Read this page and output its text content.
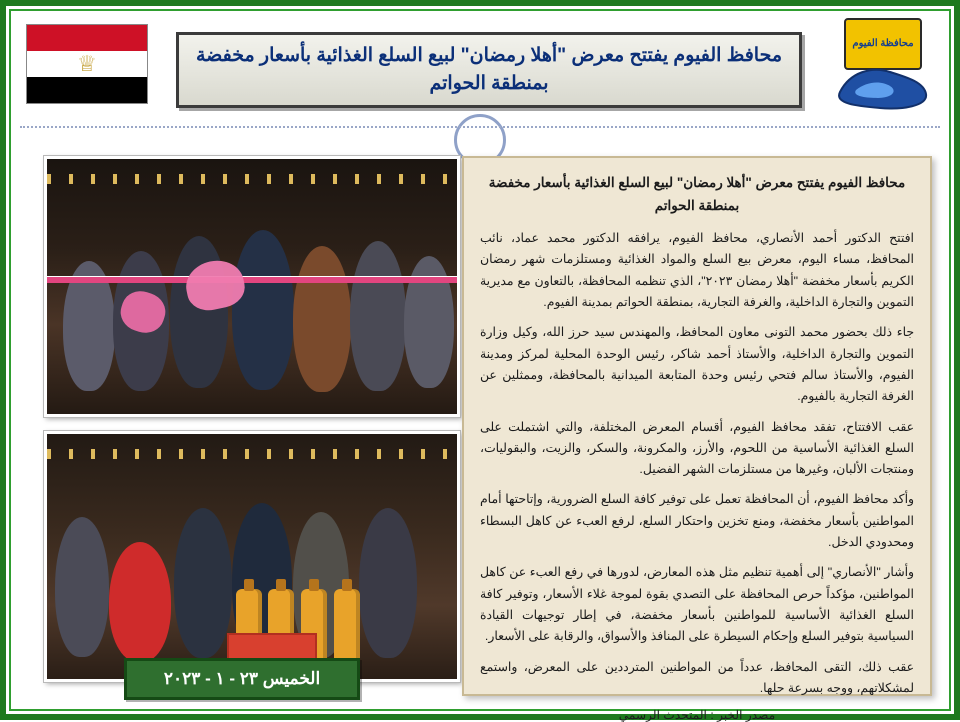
♕	محافظ الفيوم يفتتح معرض "أهلا رمضان" لبيع السلع الغذائية بأسعار مخفضة بمنطقة الحواتم
محافظة الفيوم
الخميس ٢٣ - ١ - ٢٠٢٣
محافظ الفيوم يفتتح معرض "أهلا رمضان" لبيع السلع الغذائية بأسعار مخفضة بمنطقة الحواتم

افتتح الدكتور أحمد الأنصاري، محافظ الفيوم، يرافقه الدكتور محمد عماد، نائب المحافظ، مساء اليوم، معرض بيع السلع والمواد الغذائية ومستلزمات شهر رمضان الكريم بأسعار مخفضة "أهلا رمضان ٢٠٢٣"، الذي تنظمه المحافظة، بالتعاون مع مديرية التموين والتجارة الداخلية، والغرفة التجارية، بمنطقة الحواتم بمدينة الفيوم.

جاء ذلك بحضور محمد التونى معاون المحافظ، والمهندس سيد حرز الله، وكيل وزارة التموين والتجارة الداخلية، والأستاذ أحمد شاكر، رئيس الوحدة المحلية لمركز ومدينة الفيوم، والأستاذ سالم فتحي رئيس وحدة المتابعة الميدانية بالمحافظة، وممثلين عن الغرفة التجارية بالفيوم.

عقب الافتتاح، تفقد محافظ الفيوم، أقسام المعرض المختلفة، والتي اشتملت على السلع الغذائية الأساسية من اللحوم، والأرز، والمكرونة، والسكر، والزيت، والبقوليات، ومنتجات الألبان، وغيرها من مستلزمات الشهر الفضيل.

وأكد محافظ الفيوم، أن المحافظة تعمل على توفير كافة السلع الضرورية، وإتاحتها أمام المواطنين بأسعار مخفضة، ومنع تخزين واحتكار السلع، لرفع العبء عن كاهل البسطاء ومحدودي الدخل.

وأشار "الأنصاري" إلى أهمية تنظيم مثل هذه المعارض، لدورها في رفع العبء عن كاهل المواطنين، مؤكداً حرص المحافظة على التصدي بقوة لموجة غلاء الأسعار، وتوفير كافة السلع الغذائية الأساسية للمواطنين بأسعار مخفضة، في إطار توجيهات القيادة السياسية بتوفير السلع وإحكام السيطرة على المنافذ والأسواق، والرقابة على الأسعار.

عقب ذلك، التقى المحافظ، عدداً من المواطنين المترددين على المعرض، واستمع لمشكلاتهم، ووجه بسرعة حلها.

مصدر الخبر : المتحدث الرسمي
